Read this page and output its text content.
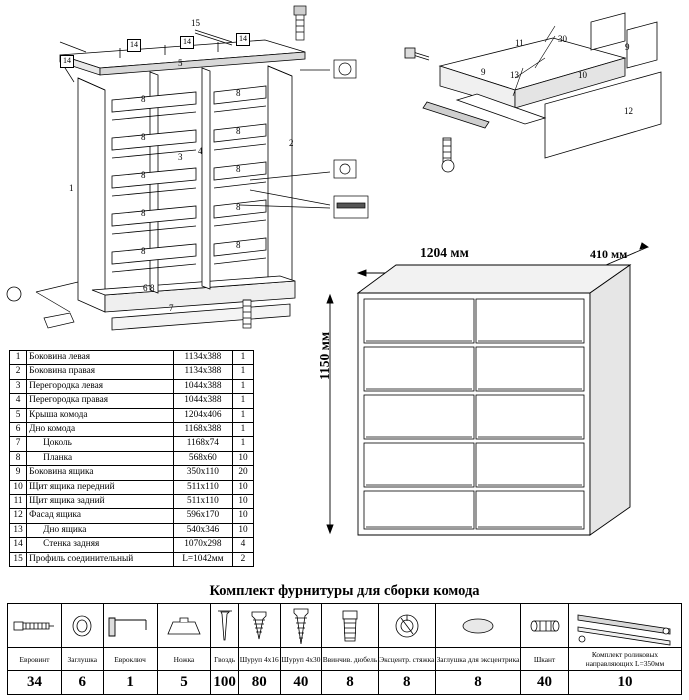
15
14
14	14	14
5
8
8
8
8
8
8
8
8
8
8
8
1
2
3
4
6
7
11
13
30
9
9	10
12
1204 мм	410 мм
1150 мм
1	Боковина левая	1134х388	1
2	Боковина правая	1134х388	1
3	Перегородка левая	1044х388	1
4	Перегородка правая	1044х388	1
5	Крыша комода	1204х406	1
6	Дно комода	1168х388	1
7	Цоколь	1168х74	1
8	Планка	568х60	10
9	Боковина ящика	350х110	20
10	Щит ящика передний	511х110	10
11	Щит ящика задний	511х110	10
12	Фасад ящика	596х170	10
13	Дно ящика	540х346	10
14	Стенка задняя	1070х298	4
15	Профиль соединительный	L=1042мм	2
Комплект фурнитуры для сборки комода

Евровинт	Заглушка	Евроключ	Ножка	Гвоздь	Шуруп 4х16	Шуруп 4х30	Ввинчив. дюбель	Эксцентр. стяжка	Заглушка для эксцентрика	Шкант	Комплект роликовых направляющих L=350мм
34	6	1	5	100	80	40	8	8	8	40	10
